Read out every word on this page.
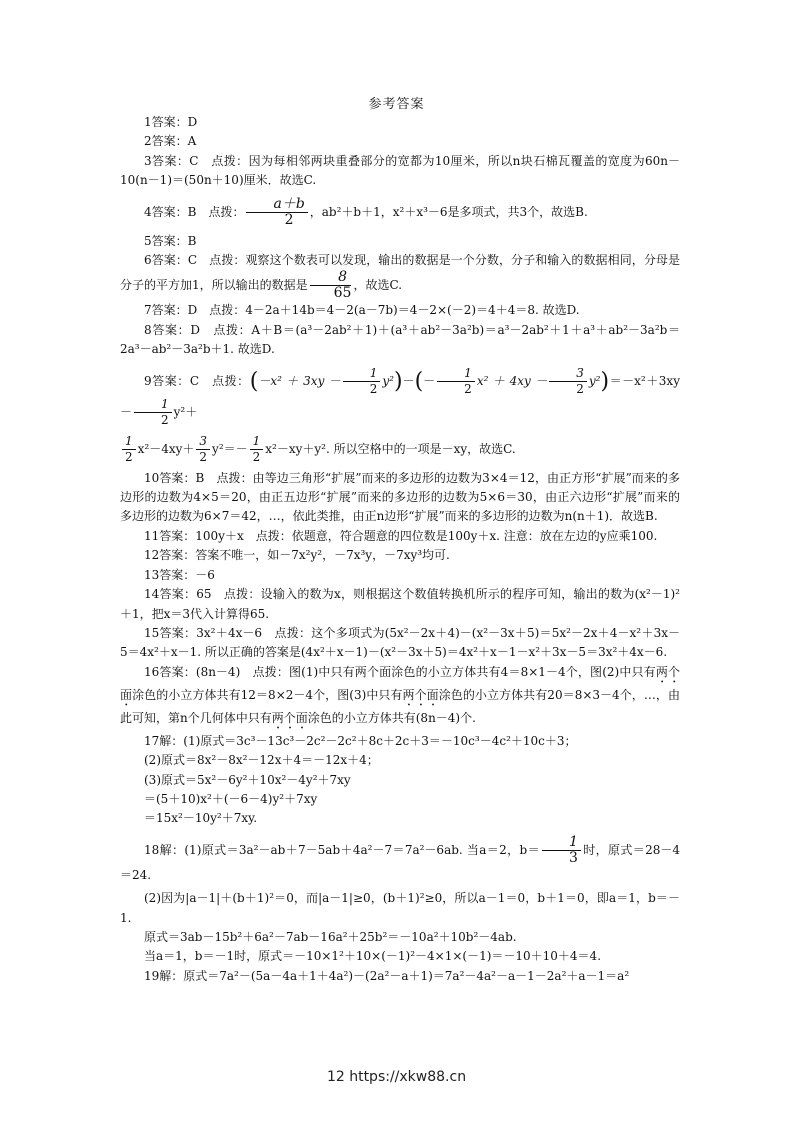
参考答案

1答案：D

2答案：A

3答案：C　点拨：因为每相邻两块重叠部分的宽都为10厘米，所以n块石棉瓦覆盖的宽度为60n－10(n－1)＝(50n＋10)厘米．故选C.

4答案：B　点拨： $\frac{a+b}{2}$ ，ab²＋b＋1，x²＋x³－6是多项式，共3个，故选B.

5答案：B

6答案：C　点拨：观察这个数表可以发现，输出的数据是一个分数，分子和输入的数据相同，分母是分子的平方加1，所以输出的数据是 $\frac{8}{65}$ ，故选C.

7答案：D　点拨：4－2a＋14b＝4－2(a－7b)＝4－2×(－2)＝4＋4＝8. 故选D.

8答案：D　点拨：A＋B＝(a³－2ab²＋1)＋(a³＋ab²－3a²b)＝a³－2ab²＋1＋a³＋ab²－3a²b＝2a³－ab²－3a²b＋1. 故选D.

9答案：C　点拨：$(-x^2 + 3xy - \frac{1}{2} y^2)-(- \frac{1}{2} x^2 + 4xy - \frac{3}{2} y^2)=-x^2+3xy- \frac{1}{2} y^2+$

$\frac{1}{2} x^2-4xy+ \frac{3}{2} y^2=- \frac{1}{2} x^2-xy+y^2$. 所以空格中的一项是－xy，故选C.

10答案：B　点拨：由等边三角形“扩展”而来的多边形的边数为3×4＝12，由正方形“扩展”而来的多边形的边数为4×5＝20，由正五边形“扩展”而来的多边形的边数为5×6＝30，由正六边形“扩展”而来的多边形的边数为6×7＝42，…，依此类推，由正n边形“扩展”而来的多边形的边数为n(n＋1)．故选B.

11答案：100y＋x　点拨：依题意，符合题意的四位数是100y＋x. 注意：放在左边的y应乘100.

12答案：答案不唯一，如－7x²y²，－7x³y，－7xy³均可.

13答案：－6

14答案：65　点拨：设输入的数为x，则根据这个数值转换机所示的程序可知，输出的数为(x²－1)²＋1，把x＝3代入计算得65.

15答案：3x²＋4x－6　点拨：这个多项式为(5x²－2x＋4)－(x²－3x＋5)＝5x²－2x＋4－x²＋3x－5＝4x²＋x－1. 所以正确的答案是(4x²＋x－1)－(x²－3x＋5)＝4x²＋x－1－x²＋3x－5＝3x²＋4x－6.

16答案：(8n－4)　点拨：图(1)中只有两个面涂色的小立方体共有4＝8×1－4个，图(2)中只有两个面涂色的小立方体共有12＝8×2－4个，图(3)中只有两个面涂色的小立方体共有20＝8×3－4个，…，由此可知，第n个几何体中只有两个面涂色的小立方体共有(8n－4)个.

17解：(1)原式＝3c³－13c³－2c²－2c²＋8c＋2c＋3＝－10c³－4c²＋10c＋3；

(2)原式＝8x²－8x²－12x＋4＝－12x＋4；

(3)原式＝5x²－6y²＋10x²－4y²＋7xy

＝(5＋10)x²＋(－6－4)y²＋7xy

＝15x²－10y²＋7xy.

18解：(1)原式＝3a²－ab＋7－5ab＋4a²－7＝7a²－6ab. 当a＝2，$b= \frac{1}{3}$ 时，原式＝28－4＝24.

(2)因为|a－1|＋(b＋1)²＝0，而|a－1|≥0，(b＋1)²≥0，所以a－1＝0，b＋1＝0，即a＝1，b＝－1.

原式＝3ab－15b²＋6a²－7ab－16a²＋25b²＝－10a²＋10b²－4ab.

当a＝1，b＝－1时，原式＝－10×1²＋10×(－1)²－4×1×(－1)＝－10＋10＋4＝4.

19解：原式＝7a²－(5a－4a＋1＋4a²)－(2a²－a＋1)＝7a²－4a²－a－1－2a²＋a－1＝a²

12 https://xkw88.cn
